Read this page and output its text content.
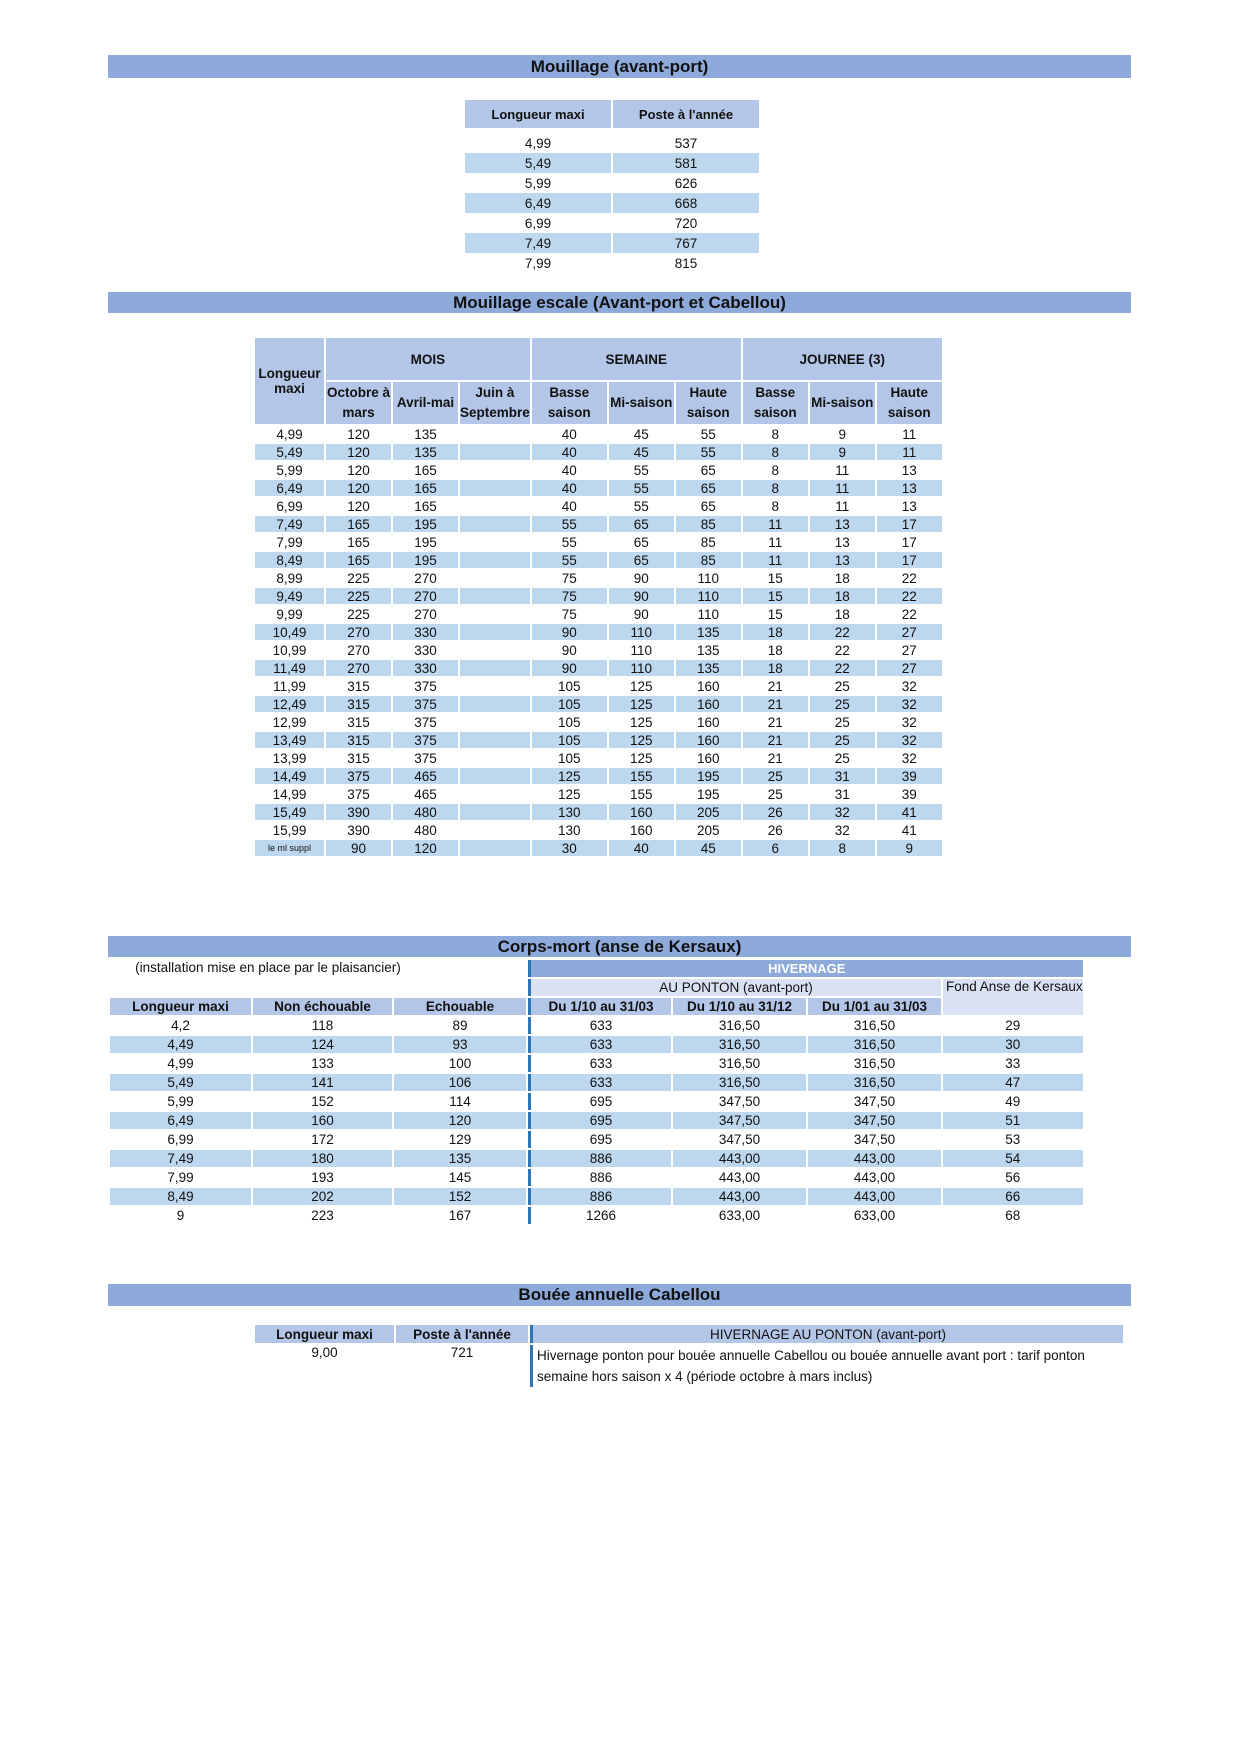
Mouillage (avant-port)
Longueur maxi	Poste à l'année

4,99	537
5,49	581
5,99	626
6,49	668
6,99	720
7,49	767
7,99	815
Mouillage escale (Avant-port et Cabellou)
Longueur maxi	MOIS			SEMAINE			JOURNEE (3)		
	Octobre à mars	Avril-mai	Juin à Septembre	Basse saison	Mi-saison	Haute saison	Basse saison	Mi-saison	Haute saison
4,99	120	135		40	45	55	8	9	11
5,49	120	135		40	45	55	8	9	11
5,99	120	165		40	55	65	8	11	13
6,49	120	165		40	55	65	8	11	13
6,99	120	165		40	55	65	8	11	13
7,49	165	195		55	65	85	11	13	17
7,99	165	195		55	65	85	11	13	17
8,49	165	195		55	65	85	11	13	17
8,99	225	270		75	90	110	15	18	22
9,49	225	270		75	90	110	15	18	22
9,99	225	270		75	90	110	15	18	22
10,49	270	330		90	110	135	18	22	27
10,99	270	330		90	110	135	18	22	27
11,49	270	330		90	110	135	18	22	27
11,99	315	375		105	125	160	21	25	32
12,49	315	375		105	125	160	21	25	32
12,99	315	375		105	125	160	21	25	32
13,49	315	375		105	125	160	21	25	32
13,99	315	375		105	125	160	21	25	32
14,49	375	465		125	155	195	25	31	39
14,99	375	465		125	155	195	25	31	39
15,49	390	480		130	160	205	26	32	41
15,99	390	480		130	160	205	26	32	41
le ml suppl	90	120		30	40	45	6	8	9
Corps-mort (anse de Kersaux)
(installation mise en place par le plaisancier)			HIVERNAGE			
			AU PONTON (avant-port)			Fond Anse de Kersaux
Longueur maxi	Non échouable	Echouable	Du 1/10 au 31/03	Du 1/10 au 31/12	Du 1/01 au 31/03	
4,2	118	89	633	316,50	316,50	29
4,49	124	93	633	316,50	316,50	30
4,99	133	100	633	316,50	316,50	33
5,49	141	106	633	316,50	316,50	47
5,99	152	114	695	347,50	347,50	49
6,49	160	120	695	347,50	347,50	51
6,99	172	129	695	347,50	347,50	53
7,49	180	135	886	443,00	443,00	54
7,99	193	145	886	443,00	443,00	56
8,49	202	152	886	443,00	443,00	66
9	223	167	1266	633,00	633,00	68
Bouée annuelle Cabellou
Longueur maxi	Poste à l'année	HIVERNAGE AU PONTON (avant-port)
9,00	721	Hivernage ponton pour bouée annuelle Cabellou ou bouée annuelle avant port : tarif ponton semaine hors saison x 4 (période octobre à mars inclus)
